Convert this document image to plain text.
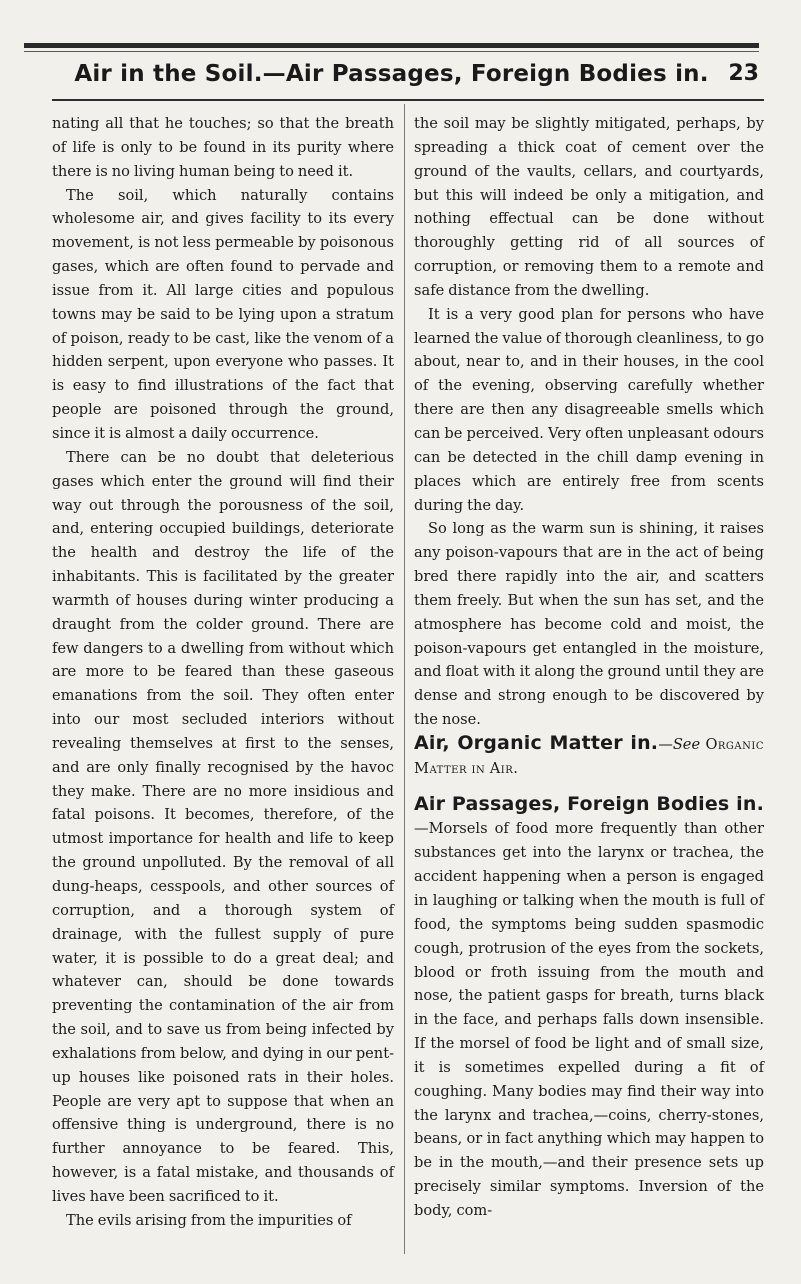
Air in the Soil.—Air Passages, Foreign Bodies in. 23

nating all that he touches; so that the breath of life is only to be found in its purity where there is no living human being to need it.

The soil, which naturally contains wholesome air, and gives facility to its every movement, is not less permeable by poisonous gases, which are often found to pervade and issue from it. All large cities and populous towns may be said to be lying upon a stratum of poison, ready to be cast, like the venom of a hidden serpent, upon everyone who passes. It is easy to find illustrations of the fact that people are poisoned through the ground, since it is almost a daily occurrence.

There can be no doubt that deleterious gases which enter the ground will find their way out through the porousness of the soil, and, entering occupied buildings, deteriorate the health and destroy the life of the inhabitants. This is facilitated by the greater warmth of houses during winter producing a draught from the colder ground. There are few dangers to a dwelling from without which are more to be feared than these gaseous emanations from the soil. They often enter into our most secluded interiors without revealing themselves at first to the senses, and are only finally recognised by the havoc they make. There are no more insidious and fatal poisons. It becomes, therefore, of the utmost importance for health and life to keep the ground unpolluted. By the removal of all dung-heaps, cesspools, and other sources of corruption, and a thorough system of drainage, with the fullest supply of pure water, it is possible to do a great deal; and whatever can, should be done towards preventing the contamination of the air from the soil, and to save us from being infected by exhalations from below, and dying in our pent-up houses like poisoned rats in their holes. People are very apt to suppose that when an offensive thing is underground, there is no further annoyance to be feared. This, however, is a fatal mistake, and thousands of lives have been sacrificed to it.

The evils arising from the impurities of

the soil may be slightly mitigated, perhaps, by spreading a thick coat of cement over the ground of the vaults, cellars, and courtyards, but this will indeed be only a mitigation, and nothing effectual can be done without thoroughly getting rid of all sources of corruption, or removing them to a remote and safe distance from the dwelling.

It is a very good plan for persons who have learned the value of thorough cleanliness, to go about, near to, and in their houses, in the cool of the evening, observing carefully whether there are then any disagreeable smells which can be perceived. Very often unpleasant odours can be detected in the chill damp evening in places which are entirely free from scents during the day.

So long as the warm sun is shining, it raises any poison-vapours that are in the act of being bred there rapidly into the air, and scatters them freely. But when the sun has set, and the atmosphere has become cold and moist, the poison-vapours get entangled in the moisture, and float with it along the ground until they are dense and strong enough to be discovered by the nose.

Air, Organic Matter in.—See Organic Matter in Air.

Air Passages, Foreign Bodies in.—Morsels of food more frequently than other substances get into the larynx or trachea, the accident happening when a person is engaged in laughing or talking when the mouth is full of food, the symptoms being sudden spasmodic cough, protrusion of the eyes from the sockets, blood or froth issuing from the mouth and nose, the patient gasps for breath, turns black in the face, and perhaps falls down insensible. If the morsel of food be light and of small size, it is sometimes expelled during a fit of coughing. Many bodies may find their way into the larynx and trachea,—coins, cherry-stones, beans, or in fact anything which may happen to be in the mouth,—and their presence sets up precisely similar symptoms. Inversion of the body, com-
